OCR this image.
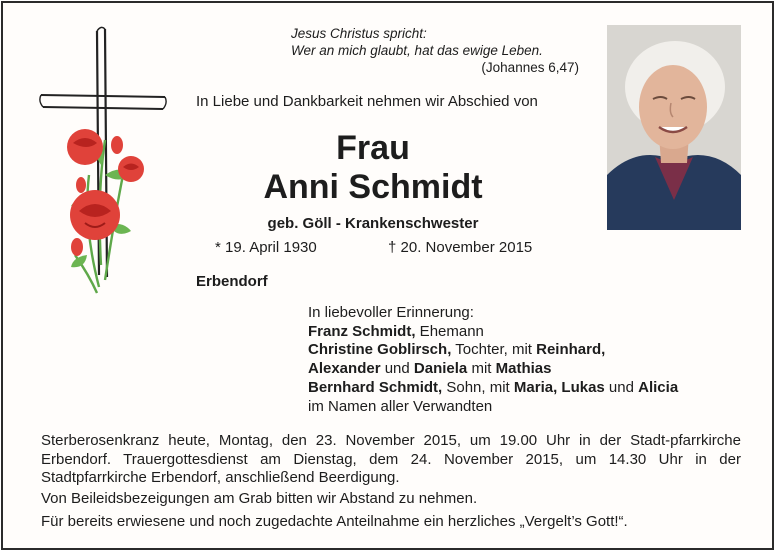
Jesus Christus spricht:
Wer an mich glaubt, hat das ewige Leben.
(Johannes 6,47)
In Liebe und Dankbarkeit nehmen wir Abschied von
Frau
Anni Schmidt
geb. Göll - Krankenschwester
* 19. April 1930	† 20. November 2015
Erbendorf
In liebevoller Erinnerung:
Franz Schmidt, Ehemann
Christine Goblirsch, Tochter, mit Reinhard,
Alexander und Daniela mit Mathias
Bernhard Schmidt, Sohn, mit Maria, Lukas und Alicia
im Namen aller Verwandten
Sterberosenkranz heute, Montag, den 23. November 2015, um 19.00 Uhr in der Stadt-pfarrkirche Erbendorf. Trauergottesdienst am Dienstag, dem 24. November 2015, um 14.30 Uhr in der Stadtpfarrkirche Erbendorf, anschließend Beerdigung.
Von Beileidsbezeigungen am Grab bitten wir Abstand zu nehmen.
Für bereits erwiesene und noch zugedachte Anteilnahme ein herzliches „Vergelt’s Gott!“.
